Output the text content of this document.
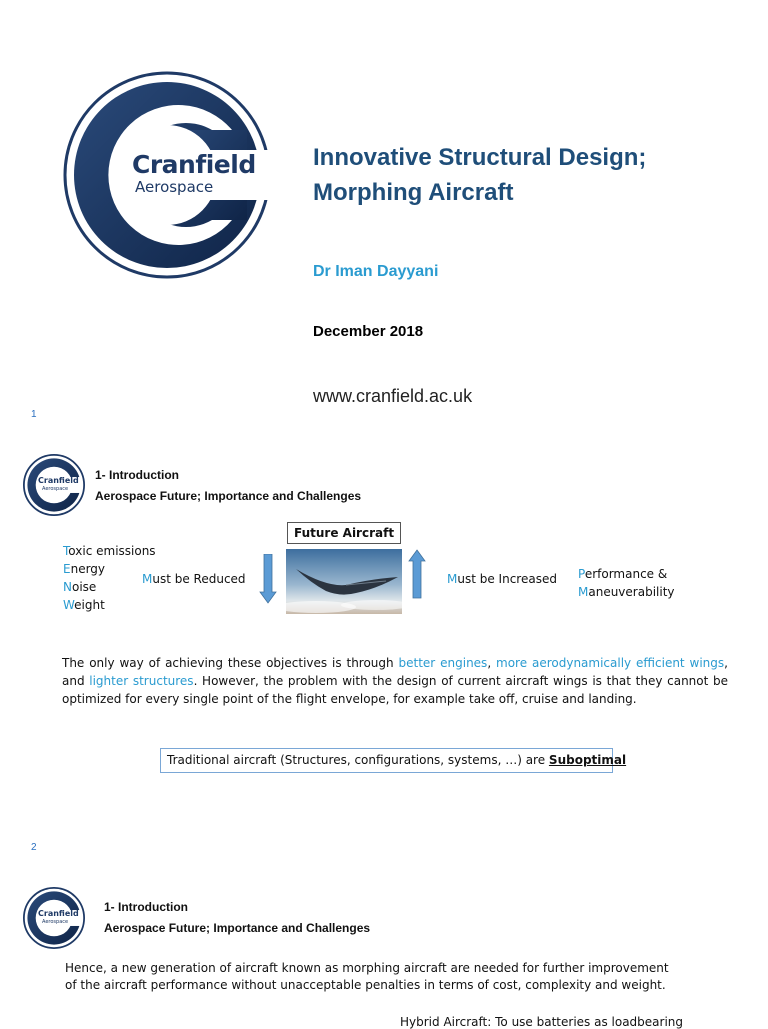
Cranfield
Aerospace
Innovative Structural Design;
Morphing Aircraft
Dr Iman Dayyani
December 2018
www.cranfield.ac.uk
1
Cranfield
Aerospace
1- Introduction
Aerospace Future; Importance and Challenges
Toxic emissions
Energy
Noise
Weight
Must be Reduced
Future Aircraft
Must be Increased Performance &
Maneuverability
The only way of achieving these objectives is through better engines, more aerodynamically efficient wings, and lighter structures. However, the problem with the design of current aircraft wings is that they cannot be optimized for every single point of the flight envelope, for example take off, cruise and landing.
Traditional aircraft (Structures, configurations, systems, …) are Suboptimal
2
Cranfield
Aerospace
1- Introduction
Aerospace Future; Importance and Challenges
Hence, a new generation of aircraft known as morphing aircraft are needed for further improvement
of the aircraft performance without unacceptable penalties in terms of cost, complexity and weight.
Hybrid Aircraft: To use batteries as loadbearing
